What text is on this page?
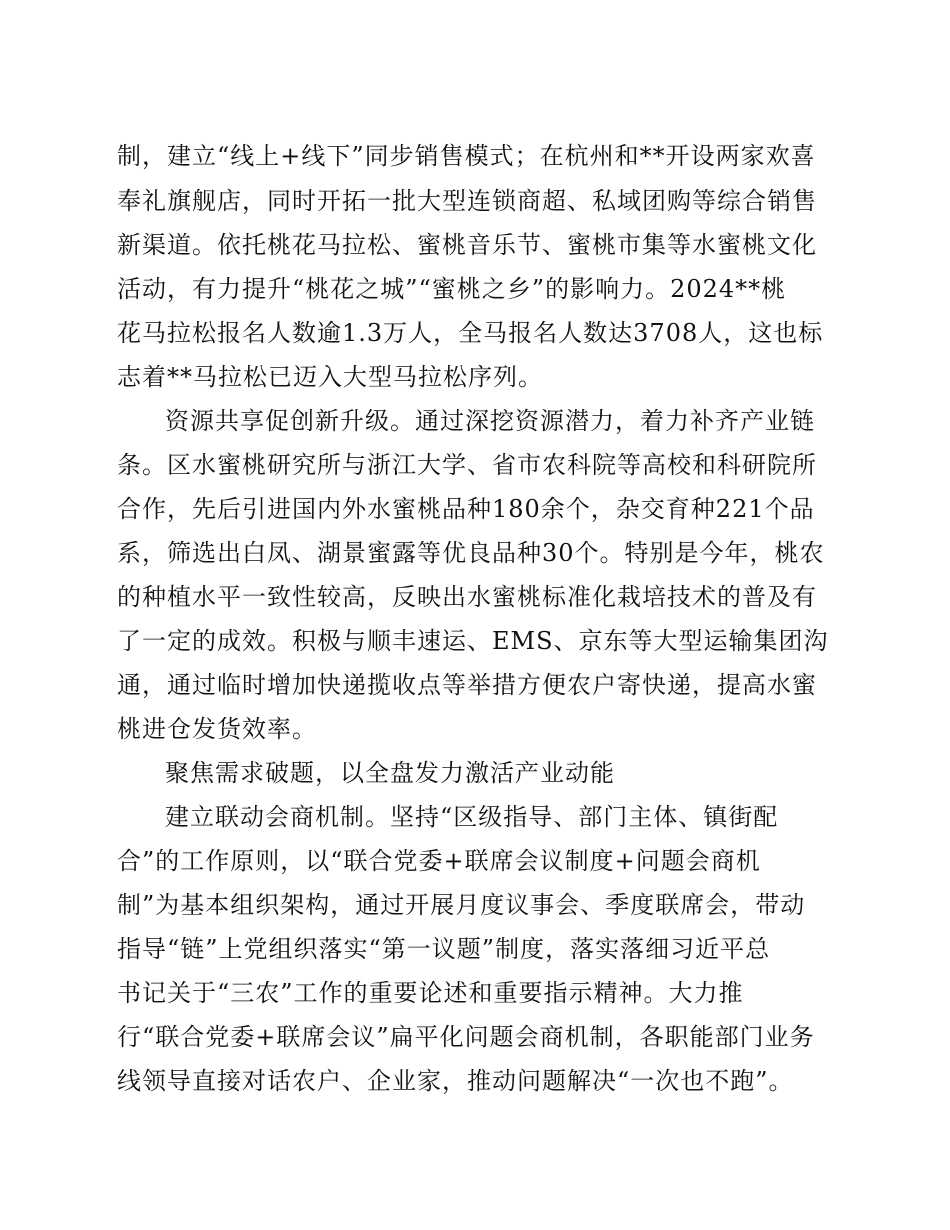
制，建立“线上+线下”同步销售模式；在杭州和**开设两家欢喜
奉礼旗舰店，同时开拓一批大型连锁商超、私域团购等综合销售
新渠道。依托桃花马拉松、蜜桃音乐节、蜜桃市集等水蜜桃文化
活动，有力提升“桃花之城”“蜜桃之乡”的影响力。2024**桃
花马拉松报名人数逾1.3万人，全马报名人数达3708人，这也标
志着**马拉松已迈入大型马拉松序列。
资源共享促创新升级。通过深挖资源潜力，着力补齐产业链
条。区水蜜桃研究所与浙江大学、省市农科院等高校和科研院所
合作，先后引进国内外水蜜桃品种180余个，杂交育种221个品
系，筛选出白凤、湖景蜜露等优良品种30个。特别是今年，桃农
的种植水平一致性较高，反映出水蜜桃标准化栽培技术的普及有
了一定的成效。积极与顺丰速运、EMS、京东等大型运输集团沟
通，通过临时增加快递揽收点等举措方便农户寄快递，提高水蜜
桃进仓发货效率。
聚焦需求破题，以全盘发力激活产业动能
建立联动会商机制。坚持“区级指导、部门主体、镇街配
合”的工作原则，以“联合党委+联席会议制度+问题会商机
制”为基本组织架构，通过开展月度议事会、季度联席会，带动
指导“链”上党组织落实“第一议题”制度，落实落细习近平总
书记关于“三农”工作的重要论述和重要指示精神。大力推
行“联合党委+联席会议”扁平化问题会商机制，各职能部门业务
线领导直接对话农户、企业家，推动问题解决“一次也不跑”。
